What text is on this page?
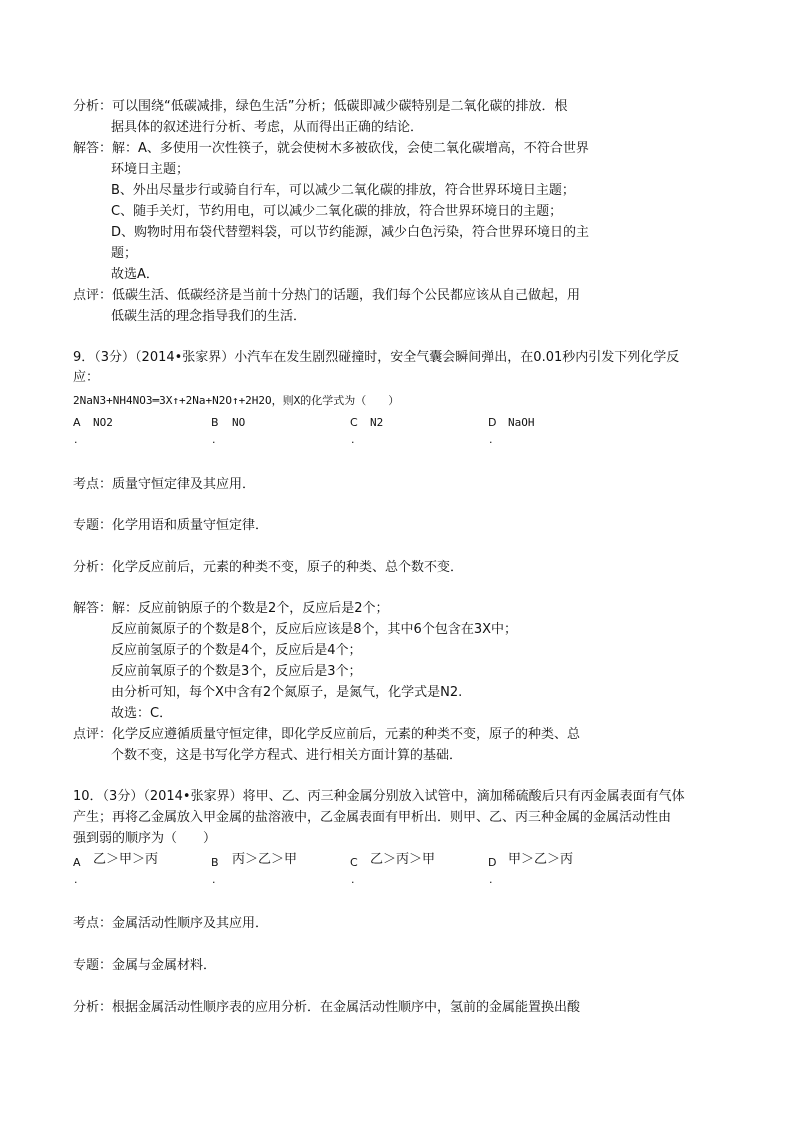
分析：可以围绕“低碳减排，绿色生活”分析；低碳即减少碳特别是二氧化碳的排放．根
据具体的叙述进行分析、考虑，从而得出正确的结论．
解答：解：A、多使用一次性筷子，就会使树木多被砍伐，会使二氧化碳增高，不符合世界
环境日主题；
B、外出尽量步行或骑自行车，可以减少二氧化碳的排放，符合世界环境日主题；
C、随手关灯，节约用电，可以减少二氧化碳的排放，符合世界环境日的主题；
D、购物时用布袋代替塑料袋，可以节约能源，减少白色污染，符合世界环境日的主
题；
故选A．
点评：低碳生活、低碳经济是当前十分热门的话题，我们每个公民都应该从自己做起，用
低碳生活的理念指导我们的生活．
9．（3分）（2014•张家界）小汽车在发生剧烈碰撞时，安全气囊会瞬间弹出，在0.01秒内引发下列化学反
应：
2NaN3+NH4NO3═3X↑+2Na+N2O↑+2H2O，则X的化学式为（　　）
A NO2
.
B NO
.
C N2
.
D NaOH
.
考点：质量守恒定律及其应用．
专题：化学用语和质量守恒定律．
分析：化学反应前后，元素的种类不变，原子的种类、总个数不变．
解答：解：反应前钠原子的个数是2个，反应后是2个；
反应前氮原子的个数是8个，反应后应该是8个，其中6个包含在3X中；
反应前氢原子的个数是4个，反应后是4个；
反应前氧原子的个数是3个，反应后是3个；
由分析可知，每个X中含有2个氮原子，是氮气，化学式是N2.
故选：C．
点评：化学反应遵循质量守恒定律，即化学反应前后，元素的种类不变，原子的种类、总
个数不变，这是书写化学方程式、进行相关方面计算的基础．
10．（3分）（2014•张家界）将甲、乙、丙三种金属分别放入试管中，滴加稀硫酸后只有丙金属表面有气体
产生；再将乙金属放入甲金属的盐溶液中，乙金属表面有甲析出．则甲、乙、丙三种金属的金属活动性由
强到弱的顺序为（　　）
A 乙＞甲＞丙
.
B 丙＞乙＞甲
.
C 乙＞丙＞甲
.
D 甲＞乙＞丙
.
考点：金属活动性顺序及其应用．
专题：金属与金属材料．
分析：根据金属活动性顺序表的应用分析．在金属活动性顺序中，氢前的金属能置换出酸
